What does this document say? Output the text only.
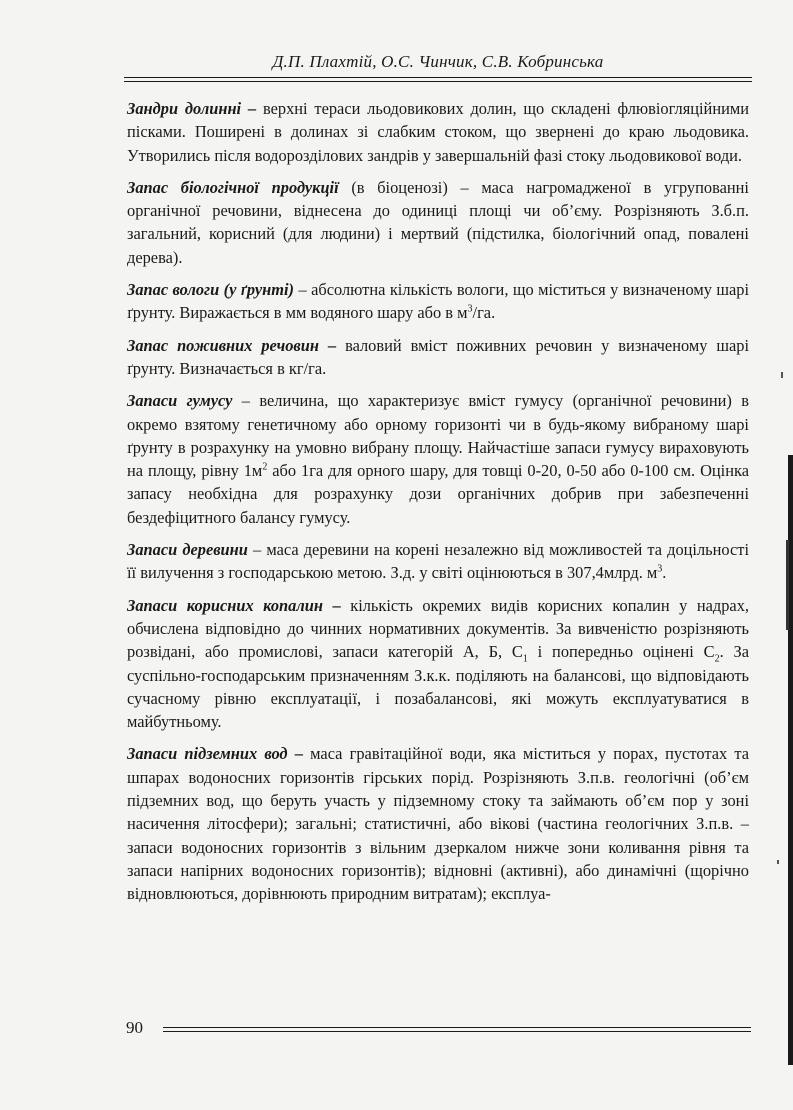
Д.П. Плахтій, О.С. Чинчик, С.В. Кобринська

Зандри долинні – верхні тераси льодовикових долин, що складені флювіогляційними пісками. Поширені в долинах зі слабким стоком, що звернені до краю льодовика. Утворились після водорозділових зандрів у завершальній фазі стоку льодовикової води.

Запас біологічної продукції (в біоценозі) – маса нагромадженої в угрупованні органічної речовини, віднесена до одиниці площі чи об’єму. Розрізняють З.б.п. загальний, корисний (для людини) і мертвий (підстилка, біологічний опад, повалені дерева).

Запас вологи (у ґрунті) – абсолютна кількість вологи, що міститься у визначеному шарі ґрунту. Виражається в мм водяного шару або в $м^3/га$.

Запас поживних речовин – валовий вміст поживних речовин у визначеному шарі ґрунту. Визначається в кг/га.

Запаси гумусу – величина, що характеризує вміст гумусу (органічної речовини) в окремо взятому генетичному або орному горизонті чи в будь-якому вибраному шарі ґрунту в розрахунку на умовно вибрану площу. Найчастіше запаси гумусу вираховують на площу, рівну $1м^2$ або 1га для орного шару, для товщі 0-20, 0-50 або 0-100 см. Оцінка запасу необхідна для розрахунку дози органічних добрив при забезпеченні бездефіцитного балансу гумусу.

Запаси деревини – маса деревини на корені незалежно від можливостей та доцільності її вилучення з господарською метою. З.д. у світі оцінюються в 307,4млрд. $м^3$.

Запаси корисних копалин – кількість окремих видів корисних копалин у надрах, обчислена відповідно до чинних нормативних документів. За вивченістю розрізняють розвідані, або промислові, запаси категорій А, Б, $С_1$ і попередньо оцінені $С_2$. За суспільно-господарським призначенням З.к.к. поділяють на балансові, що відповідають сучасному рівню експлуатації, і позабалансові, які можуть експлуатуватися в майбутньому.

Запаси підземних вод – маса гравітаційної води, яка міститься у порах, пустотах та шпарах водоносних горизонтів гірських порід. Розрізняють З.п.в. геологічні (об’єм підземних вод, що беруть участь у підземному стоку та займають об’єм пор у зоні насичення літосфери); загальні; статистичні, або вікові (частина геологічних З.п.в. – запаси водоносних горизонтів з вільним дзеркалом нижче зони коливання рівня та запаси напірних водоносних горизонтів); відновні (активні), або динамічні (щорічно відновлюються, дорівнюють природним витратам); експлуа-

90
